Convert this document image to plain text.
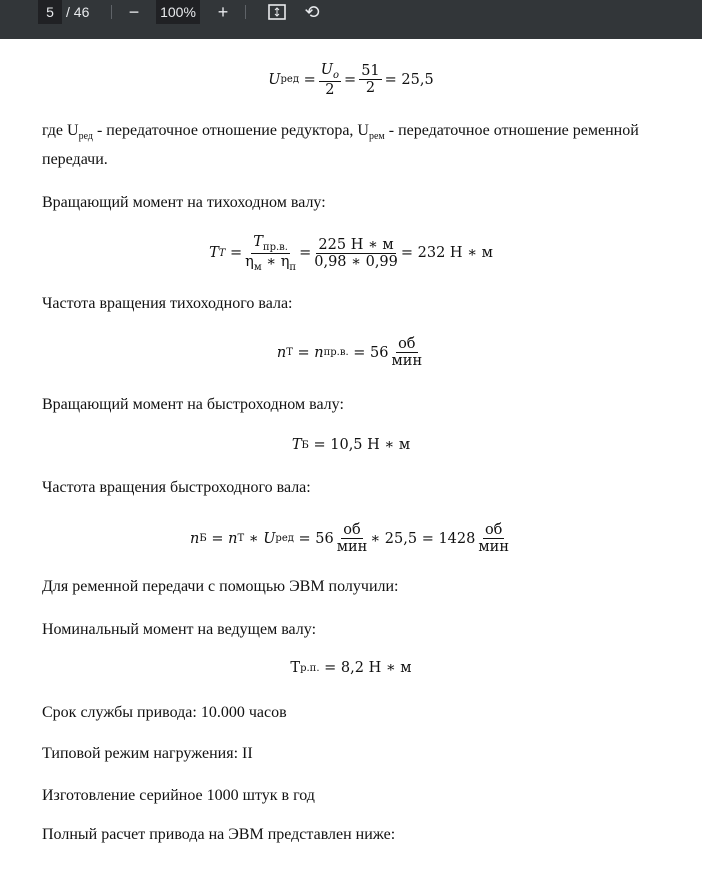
5 / 46 −	100% +	⟲
U ред =
$U_o$
2
= $\frac{51}{2} = 25,5$
где $U_{ред}$ - передаточное отношение редуктора, $U_{рем}$ - передаточное отношение ременной
передачи.
Вращающий момент на тихоходном валу:
T T =
$T_{пр.в.}$
$\eta_м$ ∗ $\eta_п$
=
225 Н ∗ м
0,98 ∗ 0,99
= 232 Н ∗ м
Частота вращения тихоходного вала:
n Т = n пр.в.
= 56
об
мин
Вращающий момент на быстроходном валу:
T Б
= 10,5 Н ∗ м
Частота вращения быстроходного вала:
n Б = n Т ∗ U ред
= 56
об
мин
∗ 25,5 = 1428
об
мин
Для ременной передачи с помощью ЭВМ получили:
Номинальный момент на ведущем валу:
Т р.п.
= 8,2 Н ∗ м
Срок службы привода: 10.000 часов
Типовой режим нагружения: II
Изготовление серийное 1000 штук в год
Полный расчет привода на ЭВМ представлен ниже:
